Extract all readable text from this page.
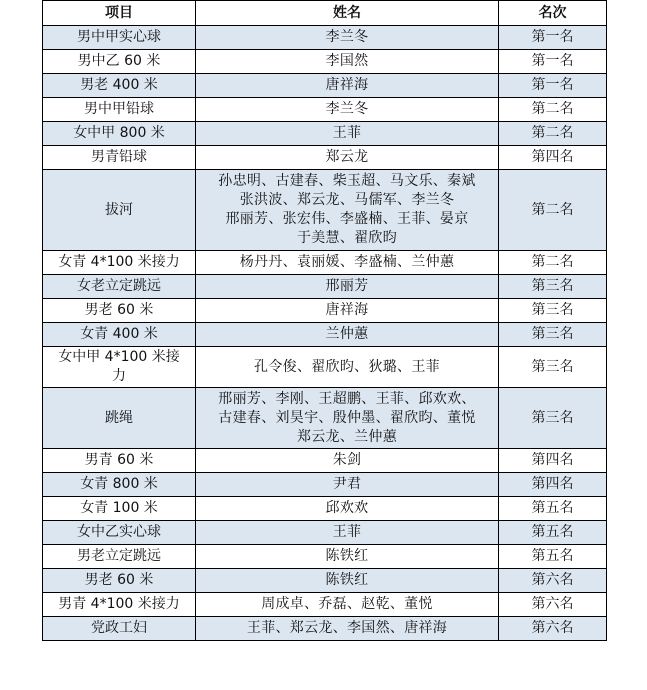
项目	姓名	名次

男中甲实心球	李兰冬	第一名

男中乙 60 米	李国然	第一名

男老 400 米	唐祥海	第一名

男中甲铅球	李兰冬	第二名

女中甲 800 米	王菲	第二名

男青铅球	郑云龙	第四名

拔河	孙忠明、古建春、柴玉超、马文乐、秦斌
张洪波、郑云龙、马儒军、李兰冬
邢丽芳、张宏伟、李盛楠、王菲、晏京
于美慧、翟欣昀	第二名

女青 4*100 米接力	杨丹丹、袁丽媛、李盛楠、兰仲蕙	第二名

女老立定跳远	邢丽芳	第三名

男老 60 米	唐祥海	第三名

女青 400 米	兰仲蕙	第三名

女中甲 4*100 米接
力	孔令俊、翟欣昀、狄璐、王菲	第三名

跳绳	邢丽芳、李刚、王超鹏、王菲、邱欢欢、
古建春、刘昊宇、殷仲墨、翟欣昀、董悦
郑云龙、兰仲蕙	第三名

男青 60 米	朱剑	第四名

女青 800 米	尹君	第四名

女青 100 米	邱欢欢	第五名

女中乙实心球	王菲	第五名

男老立定跳远	陈铁红	第五名

男老 60 米	陈铁红	第六名

男青 4*100 米接力	周成卓、乔磊、赵乾、董悦	第六名

党政工妇	王菲、郑云龙、李国然、唐祥海	第六名
